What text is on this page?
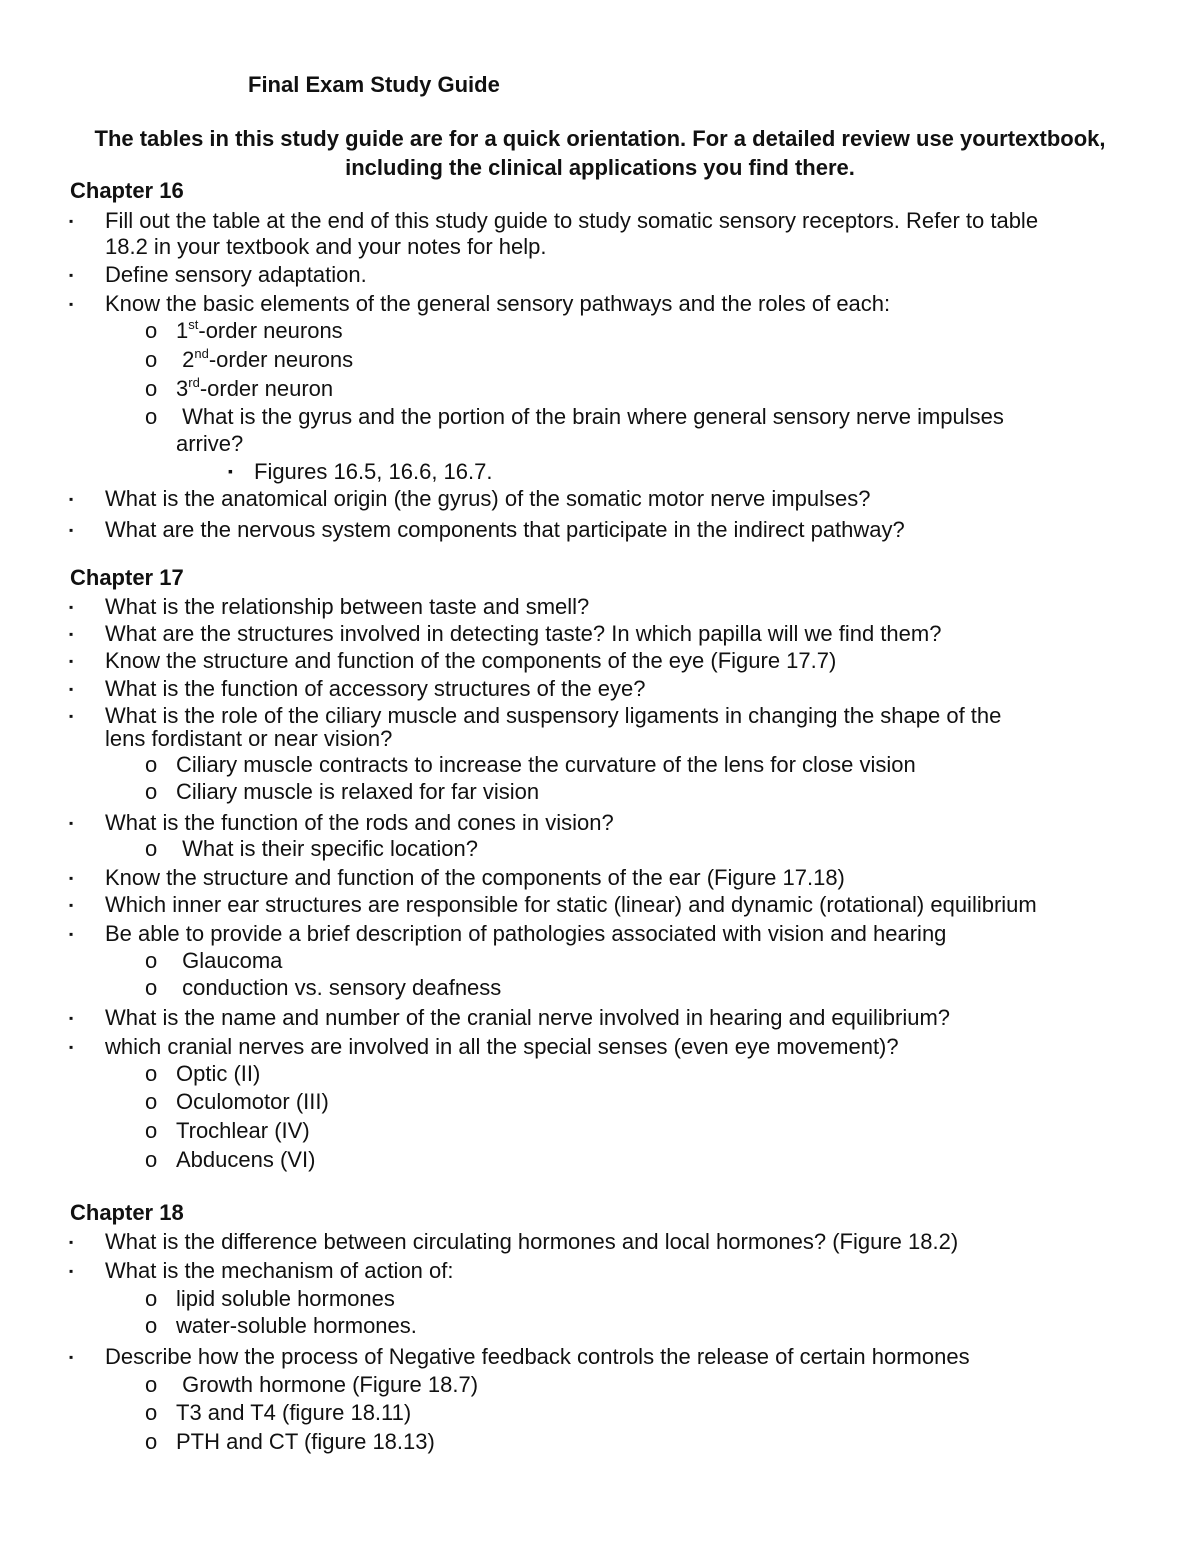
Final Exam Study Guide
The tables in this study guide are for a quick orientation. For a detailed review use yourtextbook, including the clinical applications you find there.
Chapter 16
▪ Fill out the table at the end of this study guide to study somatic sensory receptors. Refer to table
18.2 in your textbook and your notes for help.
▪ Define sensory adaptation.
▪ Know the basic elements of the general sensory pathways and the roles of each:
o 1st-order neurons
o 2nd-order neurons
o 3rd-order neuron
o What is the gyrus and the portion of the brain where general sensory nerve impulses
arrive?
▪ Figures 16.5, 16.6, 16.7.
▪ What is the anatomical origin (the gyrus) of the somatic motor nerve impulses?
▪ What are the nervous system components that participate in the indirect pathway?
Chapter 17
▪ What is the relationship between taste and smell?
▪ What are the structures involved in detecting taste? In which papilla will we find them?
▪ Know the structure and function of the components of the eye (Figure 17.7)
▪ What is the function of accessory structures of the eye?
▪ What is the role of the ciliary muscle and suspensory ligaments in changing the shape of the
lens fordistant or near vision?
o Ciliary muscle contracts to increase the curvature of the lens for close vision
o Ciliary muscle is relaxed for far vision
▪ What is the function of the rods and cones in vision?
o What is their specific location?
▪ Know the structure and function of the components of the ear (Figure 17.18)
▪ Which inner ear structures are responsible for static (linear) and dynamic (rotational) equilibrium
▪ Be able to provide a brief description of pathologies associated with vision and hearing
o Glaucoma
o conduction vs. sensory deafness
▪ What is the name and number of the cranial nerve involved in hearing and equilibrium?
▪ which cranial nerves are involved in all the special senses (even eye movement)?
o Optic (II)
o Oculomotor (III)
o Trochlear (IV)
o Abducens (VI)
Chapter 18
▪ What is the difference between circulating hormones and local hormones? (Figure 18.2)
▪ What is the mechanism of action of:
o lipid soluble hormones
o water-soluble hormones.
▪ Describe how the process of Negative feedback controls the release of certain hormones
o Growth hormone (Figure 18.7)
o T3 and T4 (figure 18.11)
o PTH and CT (figure 18.13)
